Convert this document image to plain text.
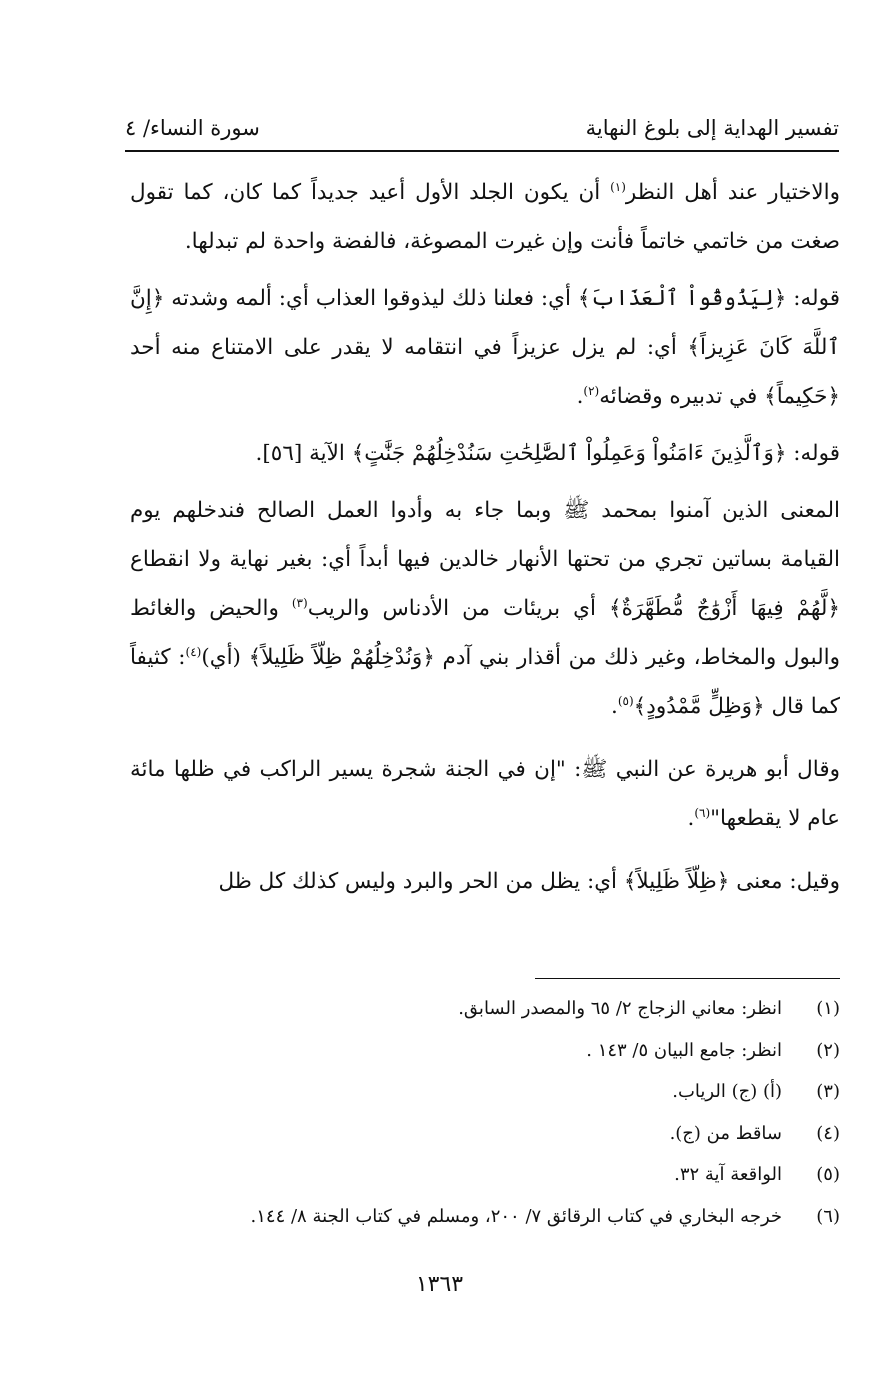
تفسير الهداية إلى بلوغ النهاية
سورة النساء/ ٤

والاختيار عند أهل النظر$^{(١)}$ أن يكون الجلد الأول أعيد جديداً كما كان، كما تقول صغت من خاتمي خاتماً فأنت وإن غيرت المصوغة، فالفضة واحدة لم تبدلها.

قوله: ﴿لِيَذُوقُواْ ٱلْعَذَابَ﴾ أي: فعلنا ذلك ليذوقوا العذاب أي: ألمه وشدته ﴿إِنَّ ٱللَّهَ كَانَ عَزِيزاً﴾ أي: لم يزل عزيزاً في انتقامه لا يقدر على الامتناع منه أحد ﴿حَكِيماً﴾ في تدبيره وقضائه$^{(٢)}$.

قوله: ﴿وَٱلَّذِينَ ءَامَنُواْ وَعَمِلُواْ ٱلصَّٰلِحَٰتِ سَنُدْخِلُهُمْ جَنَّٰتٍ﴾ الآية [٥٦].

المعنى الذين آمنوا بمحمد ﷺ وبما جاء به وأدوا العمل الصالح فندخلهم يوم القيامة بساتين تجري من تحتها الأنهار خالدين فيها أبداً أي: بغير نهاية ولا انقطاع ﴿لَّهُمْ فِيهَا أَزْوَٰجٌ مُّطَهَّرَةٌ﴾ أي بريئات من الأدناس والريب$^{(٣)}$ والحيض والغائط والبول والمخاط، وغير ذلك من أقذار بني آدم ﴿وَنُدْخِلُهُمْ ظِلّاً ظَلِيلاً﴾ (أي)$^{(٤)}$: كثيفاً كما قال ﴿وَظِلٍّ مَّمْدُودٍ﴾$^{(٥)}$.

وقال أبو هريرة عن النبي ﷺ: "إن في الجنة شجرة يسير الراكب في ظلها مائة عام لا يقطعها"$^{(٦)}$.

وقيل: معنى ﴿ظِلّاً ظَلِيلاً﴾ أي: يظل من الحر والبرد وليس كذلك كل ظل

(١)
انظر: معاني الزجاج ٢/ ٦٥ والمصدر السابق.
(٢)
انظر: جامع البيان ٥/ ١٤٣ .
(٣)
(أ) (ج) الرياب.
(٤)
ساقط من (ج).
(٥)
الواقعة آية ٣٢.
(٦)
خرجه البخاري في كتاب الرقائق ٧/ ٢٠٠، ومسلم في كتاب الجنة ٨/ ١٤٤.
١٣٦٣
